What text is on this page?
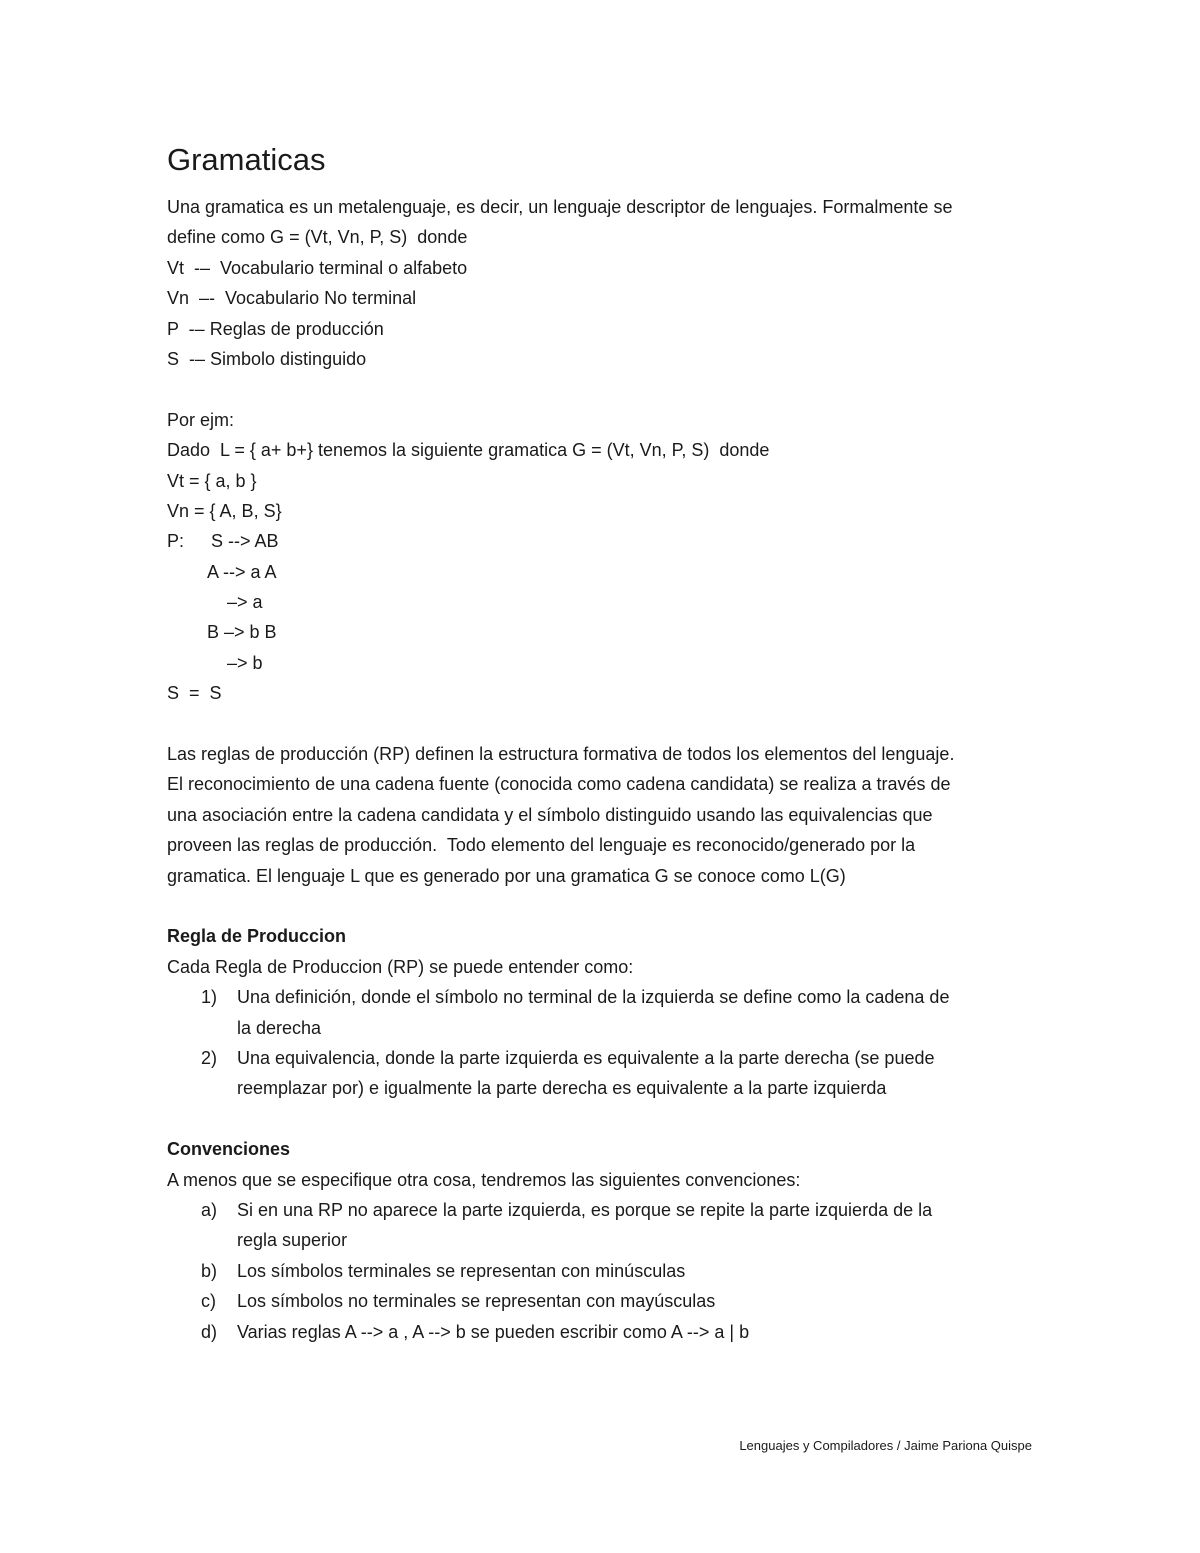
Gramaticas
Una gramatica es un metalenguaje, es decir, un lenguaje descriptor de lenguajes. Formalmente se
define como G = (Vt, Vn, P, S)  donde
Vt  -–  Vocabulario terminal o alfabeto
Vn  –-  Vocabulario No terminal
P  -– Reglas de producción
S  -– Simbolo distinguido
Por ejm:
Dado  L = { a+ b+} tenemos la siguiente gramatica G = (Vt, Vn, P, S)  donde
Vt = { a, b }
Vn = { A, B, S}
P: S --> AB
A --> a A
–> a
B –> b B
–> b
S  =  S
Las reglas de producción (RP) definen la estructura formativa de todos los elementos del lenguaje.
El reconocimiento de una cadena fuente (conocida como cadena candidata) se realiza a través de
una asociación entre la cadena candidata y el símbolo distinguido usando las equivalencias que
proveen las reglas de producción.  Todo elemento del lenguaje es reconocido/generado por la
gramatica. El lenguaje L que es generado por una gramatica G se conoce como L(G)
Regla de Produccion
Cada Regla de Produccion (RP) se puede entender como:
1) Una definición, donde el símbolo no terminal de la izquierda se define como la cadena de
la derecha
2) Una equivalencia, donde la parte izquierda es equivalente a la parte derecha (se puede
reemplazar por) e igualmente la parte derecha es equivalente a la parte izquierda
Convenciones
A menos que se especifique otra cosa, tendremos las siguientes convenciones:
a) Si en una RP no aparece la parte izquierda, es porque se repite la parte izquierda de la
regla superior
b) Los símbolos terminales se representan con minúsculas
c) Los símbolos no terminales se representan con mayúsculas
d) Varias reglas A --> a , A --> b se pueden escribir como A --> a | b
Lenguajes y Compiladores / Jaime Pariona Quispe
